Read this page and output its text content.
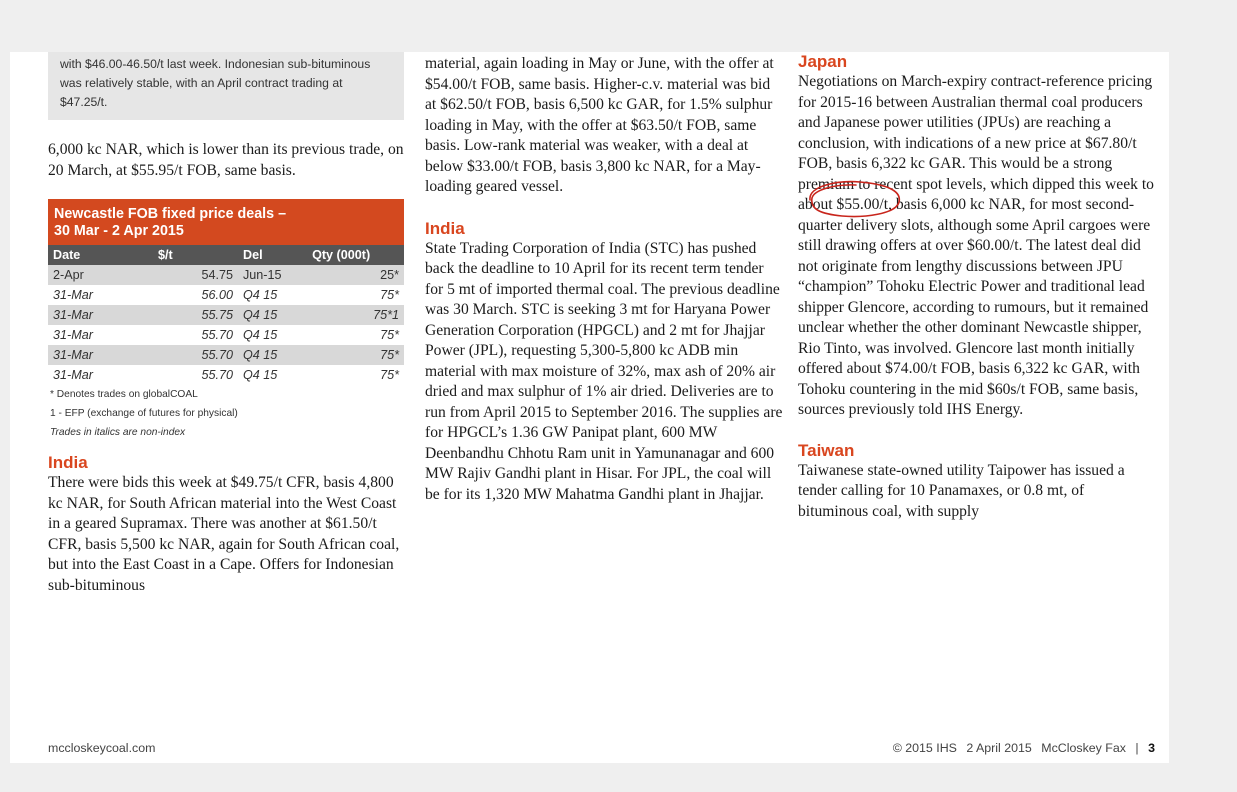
with $46.00-46.50/t last week. Indonesian sub-bituminous was relatively stable, with an April contract trading at $47.25/t.

6,000 kc NAR, which is lower than its previous trade, on 20 March, at $55.95/t FOB, same basis.

Newcastle FOB fixed price deals –
30 Mar - 2 Apr 2015
Date	$/t	Del	Qty (000t)
2-Apr	54.75	Jun-15	25*
31-Mar	56.00	Q4 15	75*
31-Mar	55.75	Q4 15	75*1
31-Mar	55.70	Q4 15	75*
31-Mar	55.70	Q4 15	75*
31-Mar	55.70	Q4 15	75*
* Denotes trades on globalCOAL
1 - EFP (exchange of futures for physical)
Trades in italics are non-index
India

There were bids this week at $49.75/t CFR, basis 4,800 kc NAR, for South African material into the West Coast in a geared Supramax. There was another at $61.50/t CFR, basis 5,500 kc NAR, again for South African coal, but into the East Coast in a Cape. Offers for Indonesian sub-bituminous

material, again loading in May or June, with the offer at $54.00/t FOB, same basis. Higher-c.v. material was bid at $62.50/t FOB, basis 6,500 kc GAR, for 1.5% sulphur loading in May, with the offer at $63.50/t FOB, same basis. Low-rank material was weaker, with a deal at below $33.00/t FOB, basis 3,800 kc NAR, for a May-loading geared vessel.

India

State Trading Corporation of India (STC) has pushed back the deadline to 10 April for its recent term tender for 5 mt of imported thermal coal. The previous deadline was 30 March. STC is seeking 3 mt for Haryana Power Generation Corporation (HPGCL) and 2 mt for Jhajjar Power (JPL), requesting 5,300-5,800 kc ADB min material with max moisture of 32%, max ash of 20% air dried and max sulphur of 1% air dried. Deliveries are to run from April 2015 to September 2016. The supplies are for HPGCL’s 1.36 GW Panipat plant, 600 MW Deenbandhu Chhotu Ram unit in Yamunanagar and 600 MW Rajiv Gandhi plant in Hisar. For JPL, the coal will be for its 1,320 MW Mahatma Gandhi plant in Jhajjar.

Japan

Negotiations on March-expiry contract-reference pricing for 2015-16 between Australian thermal coal producers and Japanese power utilities (JPUs) are reaching a conclusion, with indications of a new price at $67.80/t FOB, basis 6,322 kc GAR. This would be a strong premium to recent spot levels, which dipped this week to about $55.00/t, basis 6,000 kc NAR, for most second-quarter delivery slots, although some April cargoes were still drawing offers at over $60.00/t. The latest deal did not originate from lengthy discussions between JPU “champion” Tohoku Electric Power and traditional lead shipper Glencore, according to rumours, but it remained unclear whether the other dominant Newcastle shipper, Rio Tinto, was involved. Glencore last month initially offered about $74.00/t FOB, basis 6,322 kc GAR, with Tohoku countering in the mid $60s/t FOB, same basis, sources previously told IHS Energy.

Taiwan

Taiwanese state-owned utility Taipower has issued a tender calling for 10 Panamaxes, or 0.8 mt, of bituminous coal, with supply

mccloskeycoal.com	© 2015 IHS 2 April 2015 McCloskey Fax | 3
